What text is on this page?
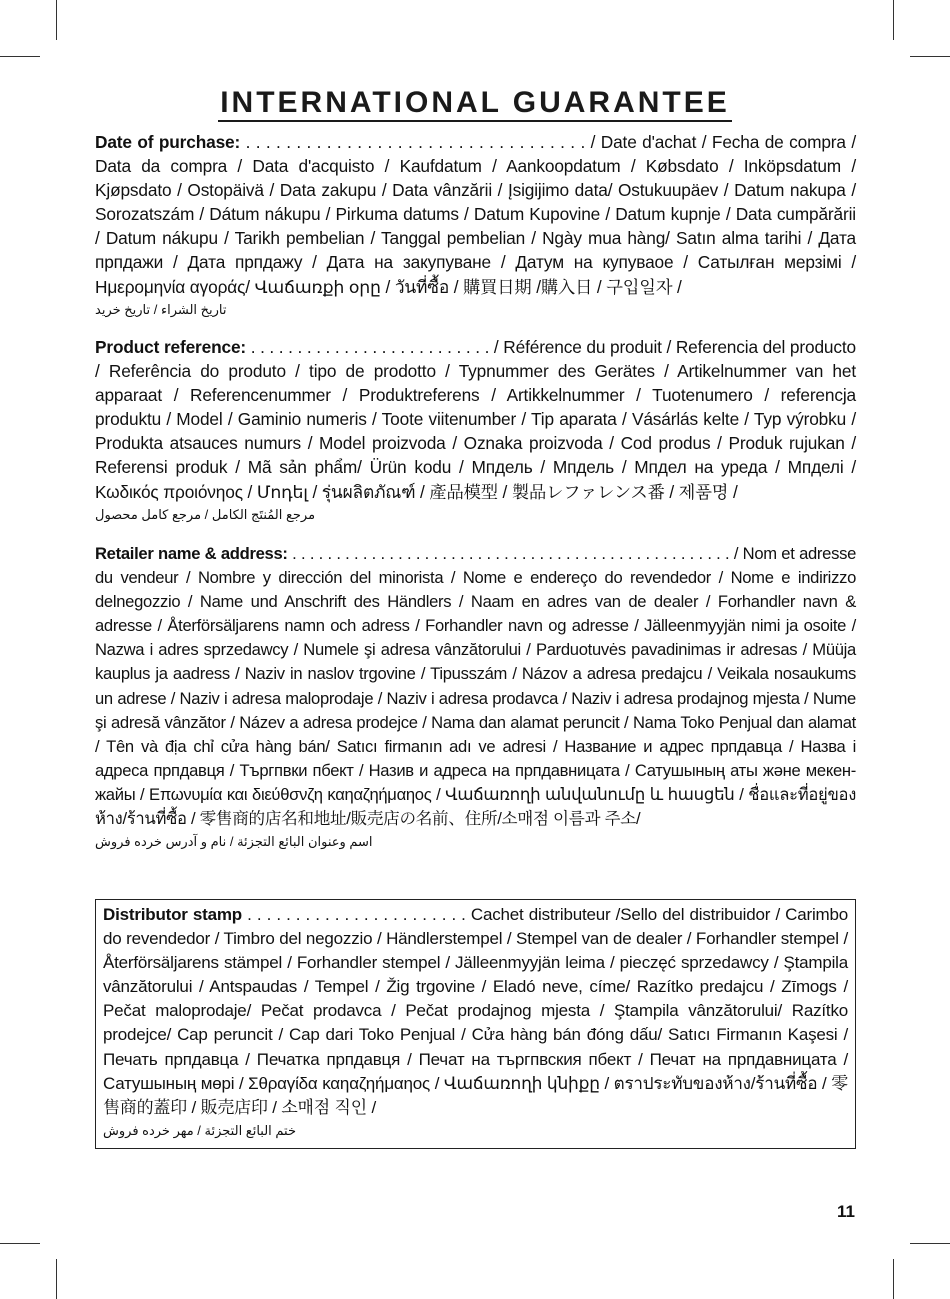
INTERNATIONAL GUARANTEE
Date of purchase: . . . . . . . . . . . . . . . . . . . . . . . . . . . . . . . . . . / Date d'achat / Fecha de compra / Data da compra / Data d'acquisto / Kaufdatum / Aankoopdatum / Købsdato / Inköpsdatum / Kjøpsdato / Ostopäivä / Data zakupu / Data vânzării / Įsigijimo data/ Ostukuupäev / Datum nakupa / Sorozatszám / Dátum nákupu / Pirkuma datums / Datum Kupovine / Datum kupnje / Data cumpărării / Datum nákupu / Tarikh pembelian / Tanggal pembelian / Ngày mua hàng/ Satın alma tarihi / Дата прпдажи / Дата прпдажу / Дата на закупуване / Датум на купуваое / Сатылған мерзімі / Ημερομηνία αγοράς/ Վաճառքի օրը / วันที่ซื้อ / 購買日期 /購入日 / 구입일자 /
تاريخ الشراء / تاريخ خريد
Product reference: . . . . . . . . . . . . . . . . . . . . . . . . . . / Référence du produit / Referencia del producto / Referência do produto / tipo de prodotto / Typnummer des Gerätes / Artikelnummer van het apparaat / Referencenummer / Produktreferens / Artikkelnummer / Tuotenumero / referencja produktu / Model / Gaminio numeris / Toote viitenumber / Tip aparata / Vásárlás kelte / Typ výrobku / Produkta atsauces numurs / Model proizvoda / Oznaka proizvoda / Cod produs / Produk rujukan / Referensi produk / Mã sản phẩm/ Ürün kodu / Мпдель / Мпдель / Мпдел на уреда / Мпделі / Κωδικός προιόνηος / Մոդել / รุ่นผลิตภัณฑ์ / 產品模型 / 製品レファレンス番 / 제품명 /
مرجع المُنتَج الكامل / مرجع كامل محصول
Retailer name & address: . . . . . . . . . . . . . . . . . . . . . . . . . . . . . . . . . . . . . . . . . . . . . . . . . . / Nom et adresse du vendeur / Nombre y dirección del minorista / Nome e endereço do revendedor / Nome e indirizzo delnegozzio / Name und Anschrift des Händlers / Naam en adres van de dealer / Forhandler navn & adresse / Återförsäljarens namn och adress / Forhandler navn og adresse / Jälleenmyyjän nimi ja osoite / Nazwa i adres sprzedawcy / Numele şi adresa vânzătorului / Parduotuvės pavadinimas ir adresas / Müüja kauplus ja aadress / Naziv in naslov trgovine / Tipusszám / Názov a adresa predajcu / Veikala nosaukums un adrese / Naziv i adresa maloprodaje / Naziv i adresa prodavca / Naziv i adresa prodajnog mjesta / Nume şi adresă vânzător / Název a adresa prodejce / Nama dan alamat peruncit / Nama Toko Penjual dan alamat / Tên và địa chỉ cửa hàng bán/ Satıcı firmanın adı ve adresi / Название и адрес прпдавца / Назва і адреса прпдавця / Търгпвки пбект / Назив и адреса на прпдавницата / Сатушының аты және мекен-жайы / Επωνυμία και διεύθσνζη καηαζηήμαηος / Վաճառողի անվանումը և հասցեն / ชื่อและที่อยู่ของห้าง/ร้านที่ซื้อ / 零售商的店名和地址/販売店の名前、住所/소매점 이름과 주소/
اسم وعنوان البائع التجزئة / نام و آدرس خرده فروش
Distributor stamp . . . . . . . . . . . . . . . . . . . . . . . Cachet distributeur /Sello del distribuidor / Carimbo do revendedor / Timbro del negozzio / Händlerstempel / Stempel van de dealer / Forhandler stempel / Återförsäljarens stämpel / Forhandler stempel / Jälleenmyyjän leima / pieczęć sprzedawcy / Ştampila vânzătorului / Antspaudas / Tempel / Žig trgovine / Eladó neve, címe/ Razítko predajcu / Zīmogs / Pečat maloprodaje/ Pečat prodavca / Pečat prodajnog mjesta / Ştampila vânzătorului/ Razítko prodejce/ Cap peruncit / Cap dari Toko Penjual / Cửa hàng bán đóng dấu/ Satıcı Firmanın Kaşesi / Печать прпдавца / Печатка прпдавця / Печат на търгпвския пбект / Печат на прпдавницата / Сатушының мөрі / Σθραγίδα καηαζηήμαηος / Վաճառողի կնիքը / ตราประทับของห้าง/ร้านที่ซื้อ / 零售商的蓋印 / 販売店印 / 소매점 직인 /
ختم البائع التجزئة / مهر خرده فروش
11
